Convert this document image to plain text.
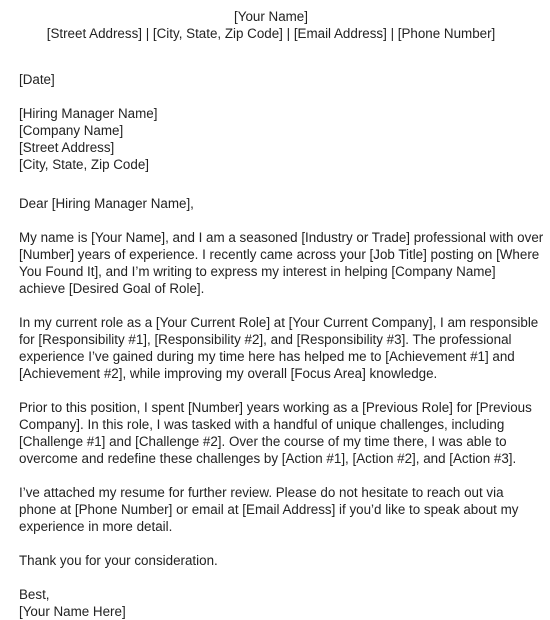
[Your Name]
[Street Address] | [City, State, Zip Code] | [Email Address] | [Phone Number]
[Date]
[Hiring Manager Name]
[Company Name]
[Street Address]
[City, State, Zip Code]
Dear [Hiring Manager Name],
My name is [Your Name], and I am a seasoned [Industry or Trade] professional with over
[Number] years of experience. I recently came across your [Job Title] posting on [Where
You Found It], and I’m writing to express my interest in helping [Company Name]
achieve [Desired Goal of Role].
In my current role as a [Your Current Role] at [Your Current Company], I am responsible
for [Responsibility #1], [Responsibility #2], and [Responsibility #3]. The professional
experience I’ve gained during my time here has helped me to [Achievement #1] and
[Achievement #2], while improving my overall [Focus Area] knowledge.
Prior to this position, I spent [Number] years working as a [Previous Role] for [Previous
Company]. In this role, I was tasked with a handful of unique challenges, including
[Challenge #1] and [Challenge #2]. Over the course of my time there, I was able to
overcome and redefine these challenges by [Action #1], [Action #2], and [Action #3].
I’ve attached my resume for further review. Please do not hesitate to reach out via
phone at [Phone Number] or email at [Email Address] if you’d like to speak about my
experience in more detail.
Thank you for your consideration.
Best,
[Your Name Here]
